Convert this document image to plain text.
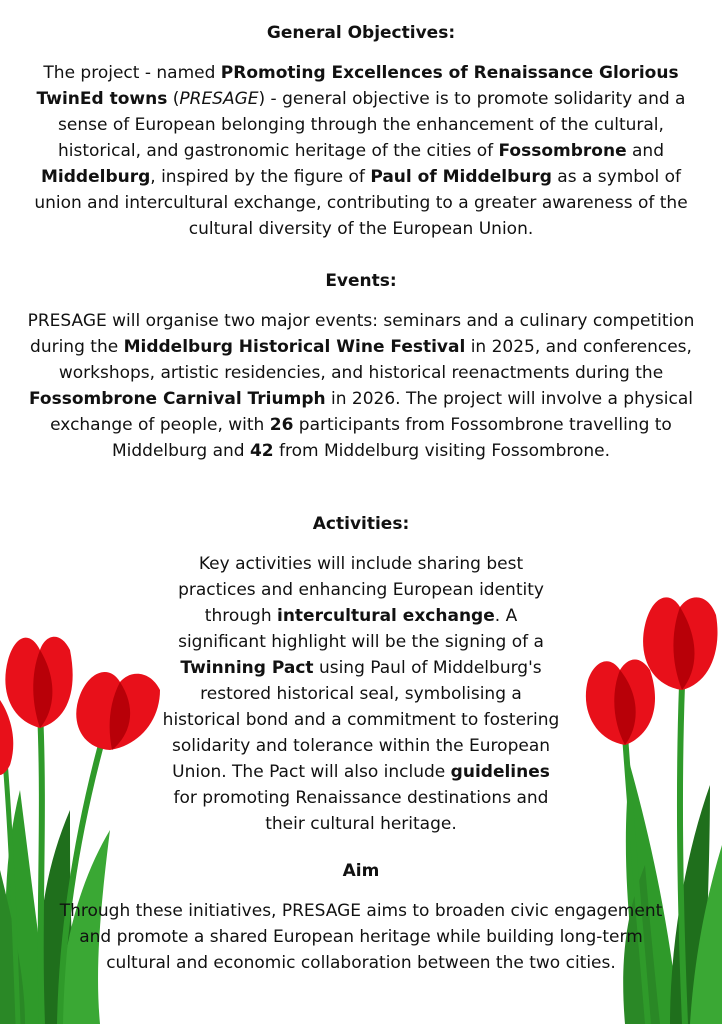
General Objectives:

The project - named PRomoting Excellences of Renaissance Glorious TwinEd towns (PRESAGE) - general objective is to promote solidarity and a sense of European belonging through the enhancement of the cultural, historical, and gastronomic heritage of the cities of Fossombrone and Middelburg, inspired by the figure of Paul of Middelburg as a symbol of union and intercultural exchange, contributing to a greater awareness of the cultural diversity of the European Union.

Events:

PRESAGE will organise two major events: seminars and a culinary competition during the Middelburg Historical Wine Festival in 2025, and conferences, workshops, artistic residencies, and historical reenactments during the Fossombrone Carnival Triumph in 2026. The project will involve a physical exchange of people, with 26 participants from Fossombrone travelling to Middelburg and 42 from Middelburg visiting Fossombrone.

Activities:

Key activities will include sharing best practices and enhancing European identity through intercultural exchange. A significant highlight will be the signing of a Twinning Pact using Paul of Middelburg's restored historical seal, symbolising a historical bond and a commitment to fostering solidarity and tolerance within the European Union. The Pact will also include guidelines for promoting Renaissance destinations and their cultural heritage.

Aim

Through these initiatives, PRESAGE aims to broaden civic engagement and promote a shared European heritage while building long-term cultural and economic collaboration between the two cities.
